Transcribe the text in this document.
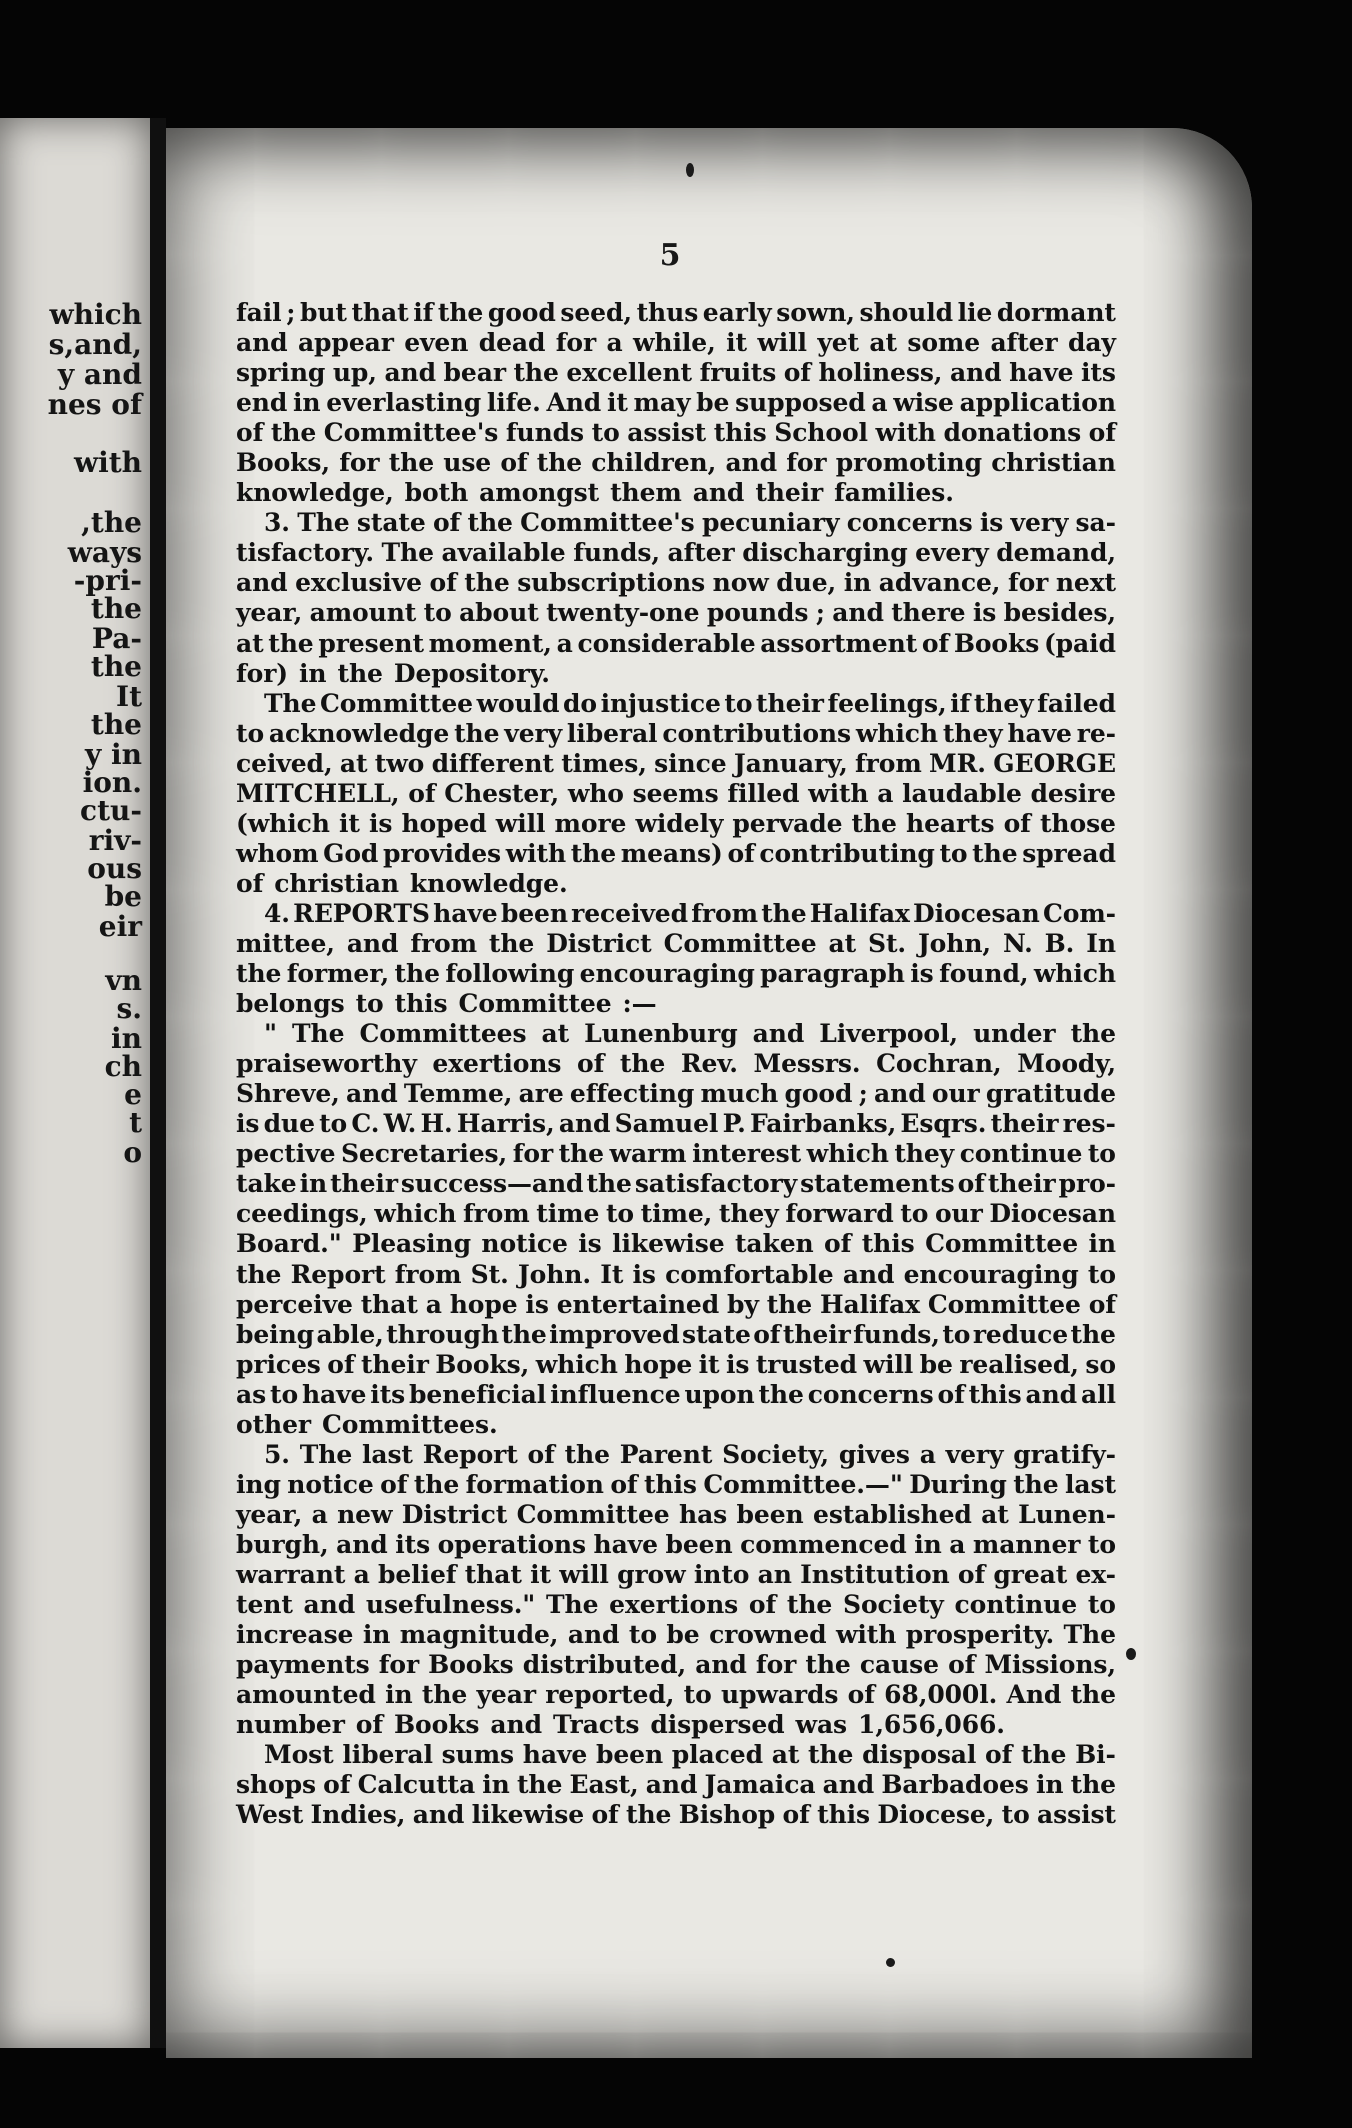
which
s,and,
y and
nes of
with
,the
ways
-pri-
the
Pa-
the
It
the
y in
ion.
ctu-
riv-
ous
be
eir
vn
s.
in
ch
e
t
o
5
fail ; but that if the good seed, thus early sown, should lie dormant
and appear even dead for a while, it will yet at some after day
spring up, and bear the excellent fruits of holiness, and have its
end in everlasting life. And it may be supposed a wise application
of the Committee's funds to assist this School with donations of
Books, for the use of the children, and for promoting christian
knowledge, both amongst them and their families.
3. The state of the Committee's pecuniary concerns is very sa-
tisfactory. The available funds, after discharging every demand,
and exclusive of the subscriptions now due, in advance, for next
year, amount to about twenty-one pounds ; and there is besides,
at the present moment, a considerable assortment of Books (paid
for) in the Depository.
The Committee would do injustice to their feelings, if they failed
to acknowledge the very liberal contributions which they have re-
ceived, at two different times, since January, from MR. GEORGE
MITCHELL, of Chester, who seems filled with a laudable desire
(which it is hoped will more widely pervade the hearts of those
whom God provides with the means) of contributing to the spread
of christian knowledge.
4. REPORTS have been received from the Halifax Diocesan Com-
mittee, and from the District Committee at St. John, N. B. In
the former, the following encouraging paragraph is found, which
belongs to this Committee :—
" The Committees at Lunenburg and Liverpool, under the
praiseworthy exertions of the Rev. Messrs. Cochran, Moody,
Shreve, and Temme, are effecting much good ; and our gratitude
is due to C. W. H. Harris, and Samuel P. Fairbanks, Esqrs. their res-
pective Secretaries, for the warm interest which they continue to
take in their success—and the satisfactory statements of their pro-
ceedings, which from time to time, they forward to our Diocesan
Board." Pleasing notice is likewise taken of this Committee in
the Report from St. John. It is comfortable and encouraging to
perceive that a hope is entertained by the Halifax Committee of
being able, through the improved state of their funds, to reduce the
prices of their Books, which hope it is trusted will be realised, so
as to have its beneficial influence upon the concerns of this and all
other Committees.
5. The last Report of the Parent Society, gives a very gratify-
ing notice of the formation of this Committee.—" During the last
year, a new District Committee has been established at Lunen-
burgh, and its operations have been commenced in a manner to
warrant a belief that it will grow into an Institution of great ex-
tent and usefulness." The exertions of the Society continue to
increase in magnitude, and to be crowned with prosperity. The
payments for Books distributed, and for the cause of Missions,
amounted in the year reported, to upwards of 68,000l. And the
number of Books and Tracts dispersed was 1,656,066.
Most liberal sums have been placed at the disposal of the Bi-
shops of Calcutta in the East, and Jamaica and Barbadoes in the
West Indies, and likewise of the Bishop of this Diocese, to assist
